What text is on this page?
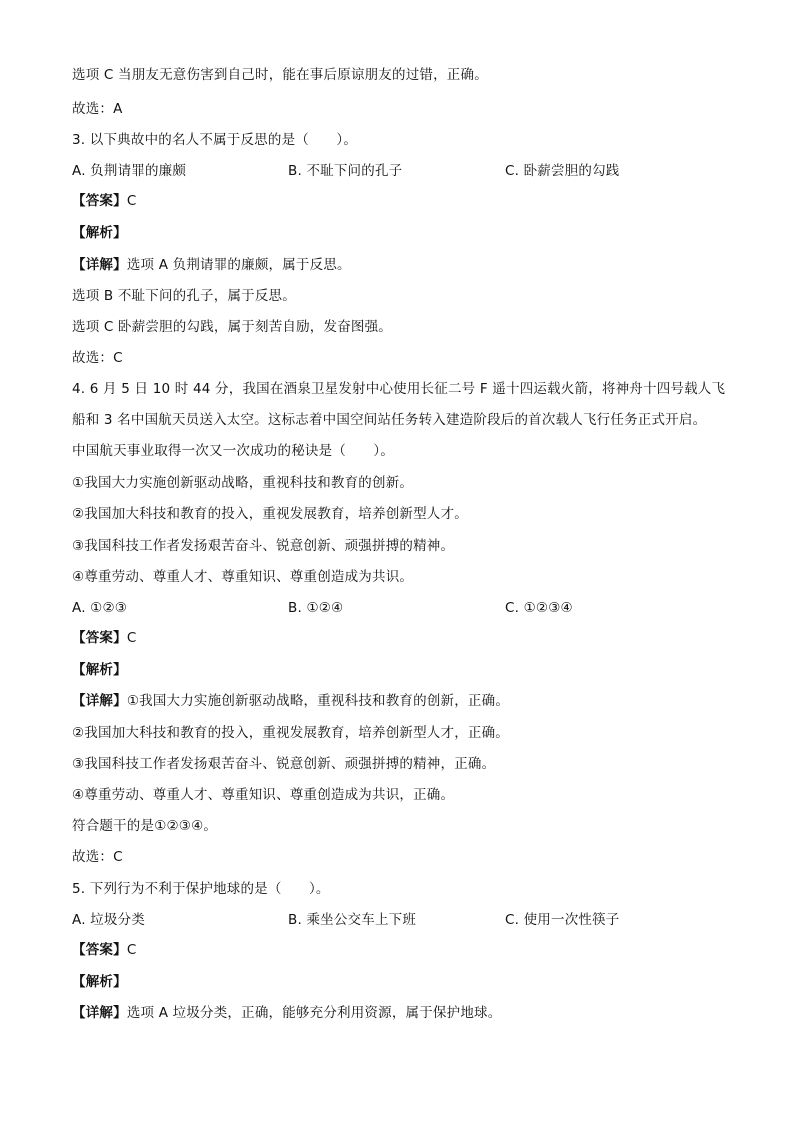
选项 C 当朋友无意伤害到自己时，能在事后原谅朋友的过错，正确。
故选：A
3. 以下典故中的名人不属于反思的是（　　）。
A. 负荆请罪的廉颇	B. 不耻下问的孔子	C. 卧薪尝胆的勾践
【答案】C
【解析】
【详解】选项 A 负荆请罪的廉颇，属于反思。
选项 B 不耻下问的孔子，属于反思。
选项 C 卧薪尝胆的勾践，属于刻苦自励，发奋图强。
故选：C
4. 6 月 5 日 10 时 44 分，我国在酒泉卫星发射中心使用长征二号 F 遥十四运载火箭，将神舟十四号载人飞
船和 3 名中国航天员送入太空。这标志着中国空间站任务转入建造阶段后的首次载人飞行任务正式开启。
中国航天事业取得一次又一次成功的秘诀是（　　）。
①我国大力实施创新驱动战略，重视科技和教育的创新。
②我国加大科技和教育的投入，重视发展教育，培养创新型人才。
③我国科技工作者发扬艰苦奋斗、锐意创新、顽强拼搏的精神。
④尊重劳动、尊重人才、尊重知识、尊重创造成为共识。
A. ①②③	B. ①②④	C. ①②③④
【答案】C
【解析】
【详解】①我国大力实施创新驱动战略，重视科技和教育的创新，正确。
②我国加大科技和教育的投入，重视发展教育，培养创新型人才，正确。
③我国科技工作者发扬艰苦奋斗、锐意创新、顽强拼搏的精神，正确。
④尊重劳动、尊重人才、尊重知识、尊重创造成为共识，正确。
符合题干的是①②③④。
故选：C
5. 下列行为不利于保护地球的是（　　）。
A. 垃圾分类	B. 乘坐公交车上下班	C. 使用一次性筷子
【答案】C
【解析】
【详解】选项 A 垃圾分类，正确，能够充分利用资源，属于保护地球。
